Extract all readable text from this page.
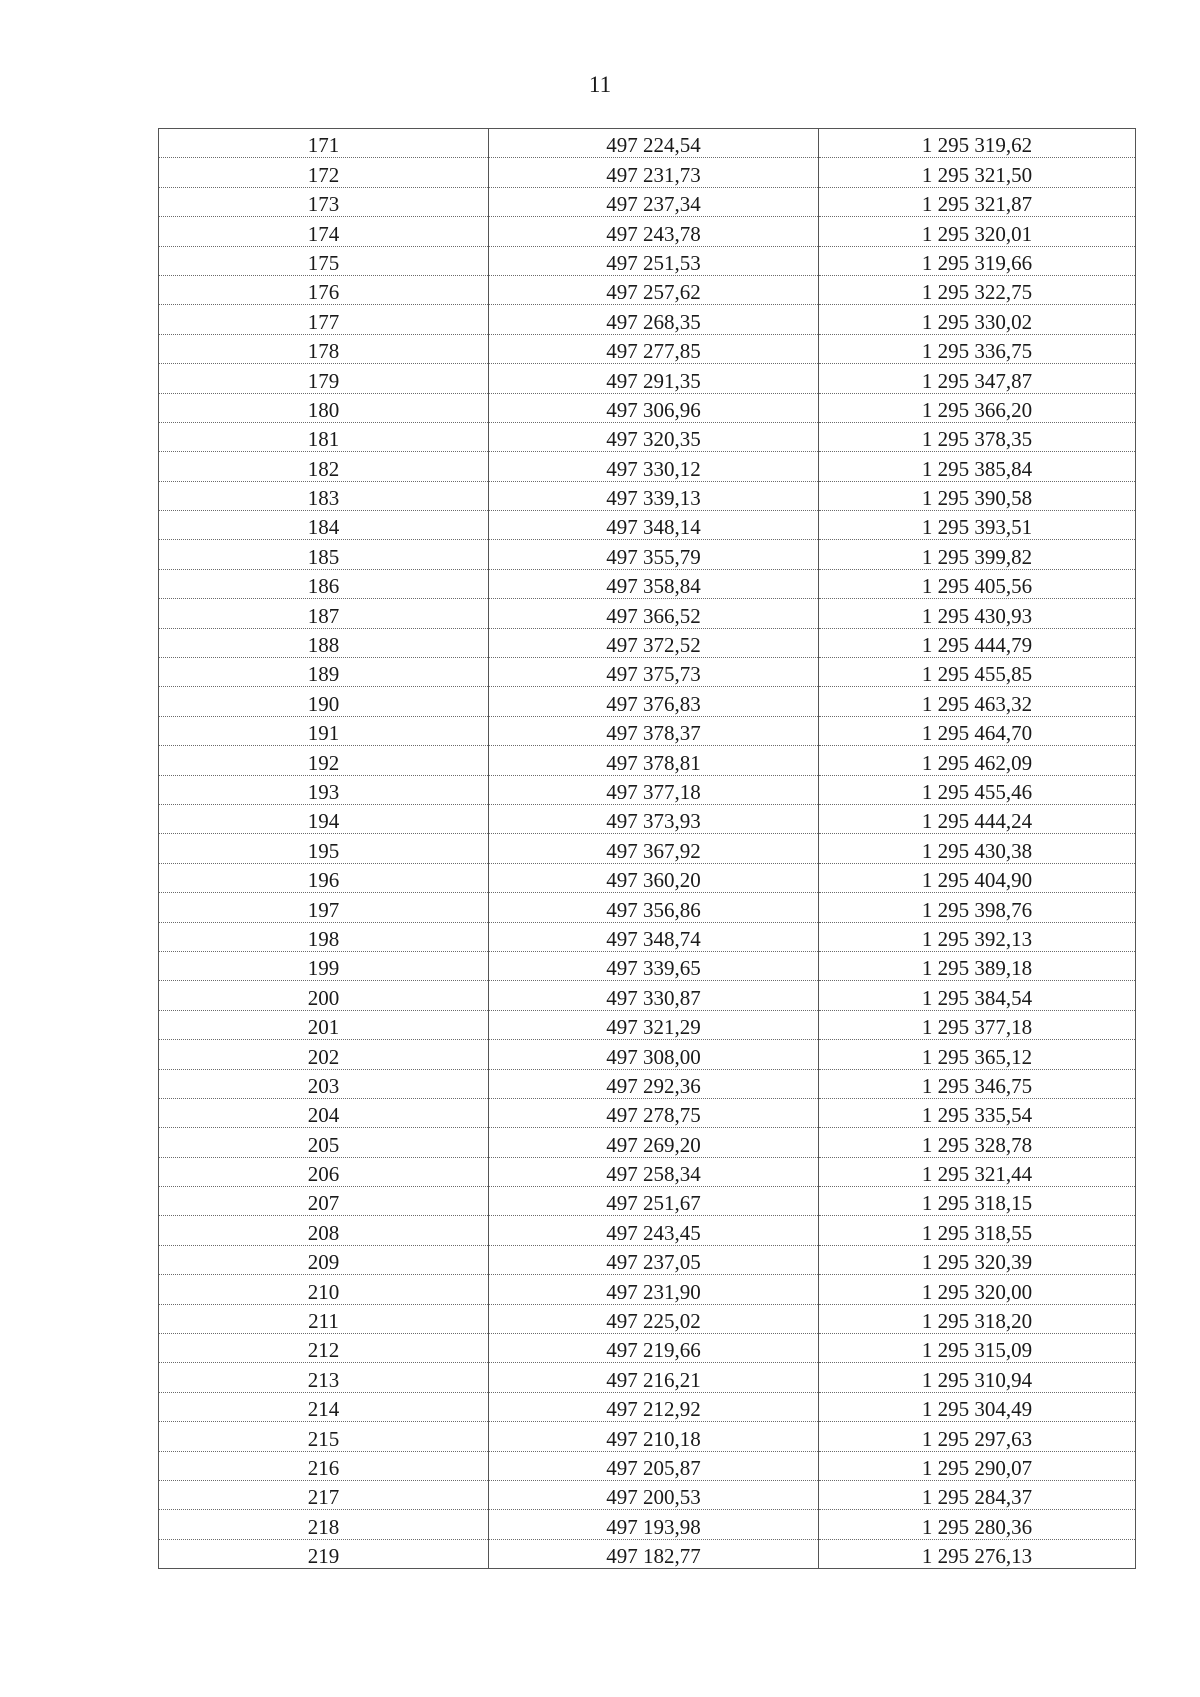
11
171	497 224,54	1 295 319,62
172	497 231,73	1 295 321,50
173	497 237,34	1 295 321,87
174	497 243,78	1 295 320,01
175	497 251,53	1 295 319,66
176	497 257,62	1 295 322,75
177	497 268,35	1 295 330,02
178	497 277,85	1 295 336,75
179	497 291,35	1 295 347,87
180	497 306,96	1 295 366,20
181	497 320,35	1 295 378,35
182	497 330,12	1 295 385,84
183	497 339,13	1 295 390,58
184	497 348,14	1 295 393,51
185	497 355,79	1 295 399,82
186	497 358,84	1 295 405,56
187	497 366,52	1 295 430,93
188	497 372,52	1 295 444,79
189	497 375,73	1 295 455,85
190	497 376,83	1 295 463,32
191	497 378,37	1 295 464,70
192	497 378,81	1 295 462,09
193	497 377,18	1 295 455,46
194	497 373,93	1 295 444,24
195	497 367,92	1 295 430,38
196	497 360,20	1 295 404,90
197	497 356,86	1 295 398,76
198	497 348,74	1 295 392,13
199	497 339,65	1 295 389,18
200	497 330,87	1 295 384,54
201	497 321,29	1 295 377,18
202	497 308,00	1 295 365,12
203	497 292,36	1 295 346,75
204	497 278,75	1 295 335,54
205	497 269,20	1 295 328,78
206	497 258,34	1 295 321,44
207	497 251,67	1 295 318,15
208	497 243,45	1 295 318,55
209	497 237,05	1 295 320,39
210	497 231,90	1 295 320,00
211	497 225,02	1 295 318,20
212	497 219,66	1 295 315,09
213	497 216,21	1 295 310,94
214	497 212,92	1 295 304,49
215	497 210,18	1 295 297,63
216	497 205,87	1 295 290,07
217	497 200,53	1 295 284,37
218	497 193,98	1 295 280,36
219	497 182,77	1 295 276,13
